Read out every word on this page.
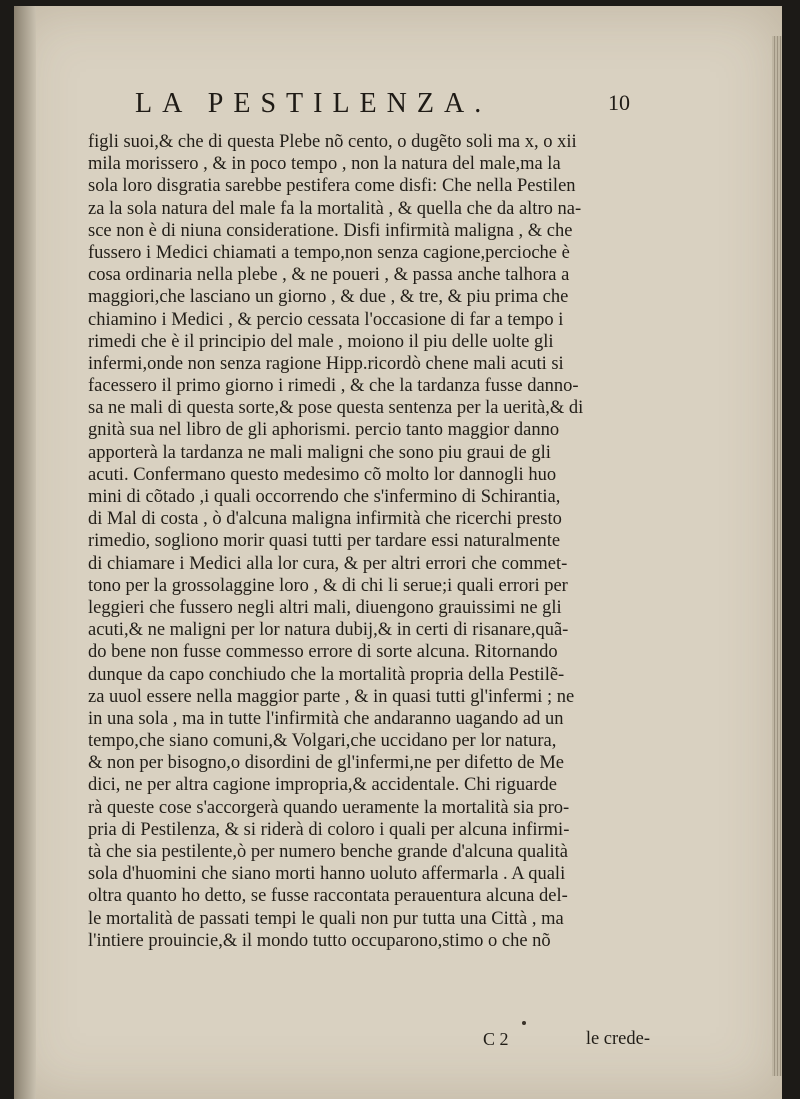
LA PESTILENZA.	10
figli suoi,& che di questa Plebe nõ cento, o dugẽto soli ma x, o xii
mila morissero , & in poco tempo , non la natura del male,ma la
sola loro disgratia sarebbe pestifera come disfi: Che nella Pestilen
za la sola natura del male fa la mortalità , & quella che da altro na-
sce non è di niuna consideratione. Disfi infirmità maligna , & che
fussero i Medici chiamati a tempo,non senza cagione,percioche è
cosa ordinaria nella plebe , & ne poueri , & passa anche talhora a
maggiori,che lasciano un giorno , & due , & tre, & piu prima che
chiamino i Medici , & percio cessata l'occasione di far a tempo i
rimedi che è il principio del male , moiono il piu delle uolte gli
infermi,onde non senza ragione Hipp.ricordò chene mali acuti si
facessero il primo giorno i rimedi , & che la tardanza fusse danno-
sa ne mali di questa sorte,& pose questa sentenza per la uerità,& di
gnità sua nel libro de gli aphorismi. percio tanto maggior danno
apporterà la tardanza ne mali maligni che sono piu graui de gli
acuti. Confermano questo medesimo cõ molto lor dannogli huo
mini di cõtado ,i quali occorrendo che s'infermino di Schirantia,
di Mal di costa , ò d'alcuna maligna infirmità che ricerchi presto
rimedio, sogliono morir quasi tutti per tardare essi naturalmente
di chiamare i Medici alla lor cura, & per altri errori che commet-
tono per la grossolaggine loro , & di chi li serue;i quali errori per
leggieri che fussero negli altri mali, diuengono grauissimi ne gli
acuti,& ne maligni per lor natura dubij,& in certi di risanare,quã-
do bene non fusse commesso errore di sorte alcuna. Ritornando
dunque da capo conchiudo che la mortalità propria della Pestilẽ-
za uuol essere nella maggior parte , & in quasi tutti gl'infermi ; ne
in una sola , ma in tutte l'infirmità che andaranno uagando ad un
tempo,che siano comuni,& Volgari,che uccidano per lor natura,
& non per bisogno,o disordini de gl'infermi,ne per difetto de Me
dici, ne per altra cagione impropria,& accidentale. Chi riguarde
rà queste cose s'accorgerà quando ueramente la mortalità sia pro-
pria di Pestilenza, & si riderà di coloro i quali per alcuna infirmi-
tà che sia pestilente,ò per numero benche grande d'alcuna qualità
sola d'huomini che siano morti hanno uoluto affermarla . A quali
oltra quanto ho detto, se fusse raccontata perauentura alcuna del-
le mortalità de passati tempi le quali non pur tutta una Città , ma
l'intiere prouincie,& il mondo tutto occuparono,stimo o che nõ
C 2	le crede-
